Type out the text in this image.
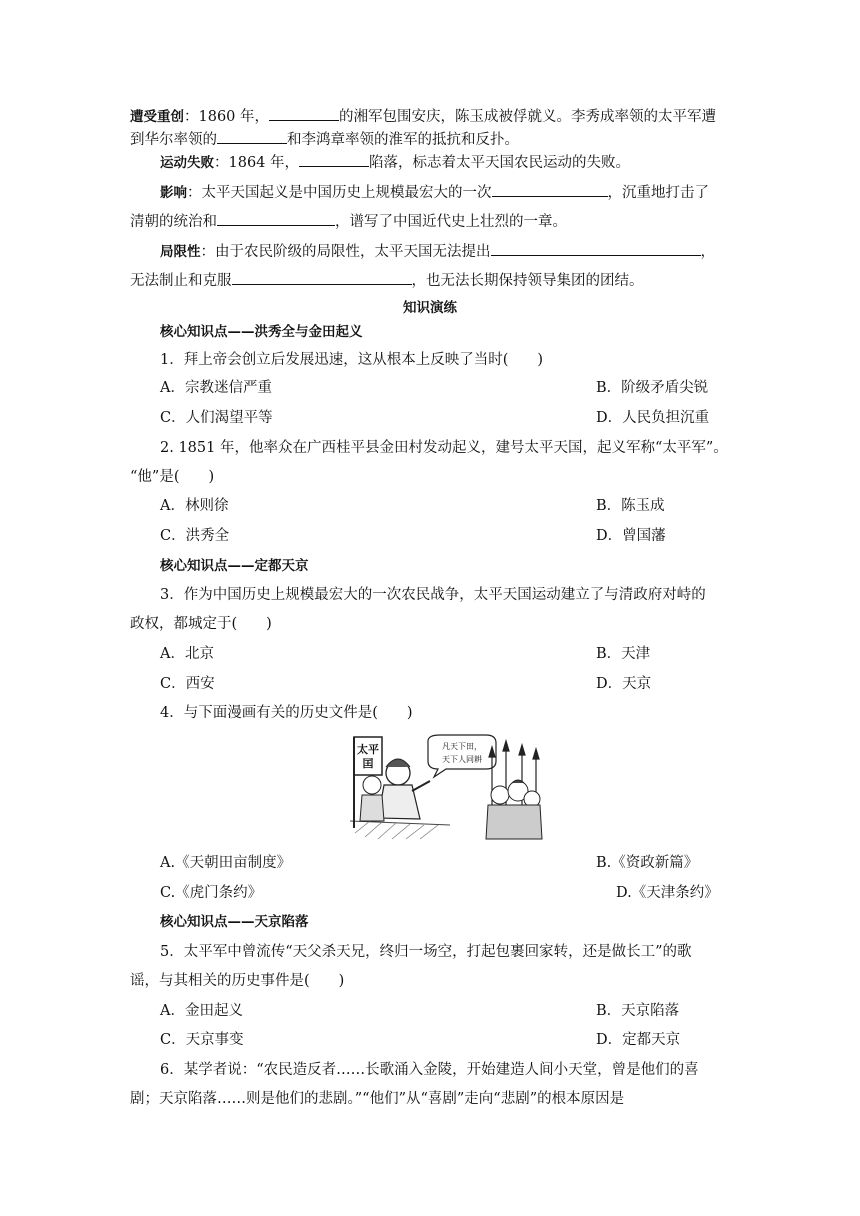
遭受重创：1860 年，	的湘军包围安庆，陈玉成被俘就义。李秀成率领的太平军遭
到华尔率领的	和李鸿章率领的淮军的抵抗和反扑。
运动失败：1864 年，	陷落，标志着太平天国农民运动的失败。
影响：太平天国起义是中国历史上规模最宏大的一次	，沉重地打击了
清朝的统治和	，谱写了中国近代史上壮烈的一章。
局限性：由于农民阶级的局限性，太平天国无法提出	，
无法制止和克服	，也无法长期保持领导集团的团结。
知识演练
核心知识点——洪秀全与金田起义
1．拜上帝会创立后发展迅速，这从根本上反映了当时(　　)
A．宗教迷信严重	B．阶级矛盾尖锐
C．人们渴望平等	D．人民负担沉重
2. 1851 年，他率众在广西桂平县金田村发动起义，建号太平天国，起义军称“太平军”。
“他”是(　　)
A．林则徐	B．陈玉成
C．洪秀全	D．曾国藩
核心知识点——定都天京
3．作为中国历史上规模最宏大的一次农民战争，太平天国运动建立了与清政府对峙的
政权，都城定于(　　)
A．北京	B．天津
C．西安	D．天京
4．与下面漫画有关的历史文件是(　　)
太平囯
凡天下田，
天下人同耕
A.《天朝田亩制度》	B.《资政新篇》
C.《虎门条约》	D.《天津条约》
核心知识点——天京陷落
5．太平军中曾流传“天父杀天兄，终归一场空，打起包裹回家转，还是做长工”的歌
谣，与其相关的历史事件是(　　)
A．金田起义	B．天京陷落
C．天京事变	D．定都天京
6．某学者说：“农民造反者……长歌涌入金陵，开始建造人间小天堂，曾是他们的喜
剧；天京陷落……则是他们的悲剧。”“他们”从“喜剧”走向“悲剧”的根本原因是
